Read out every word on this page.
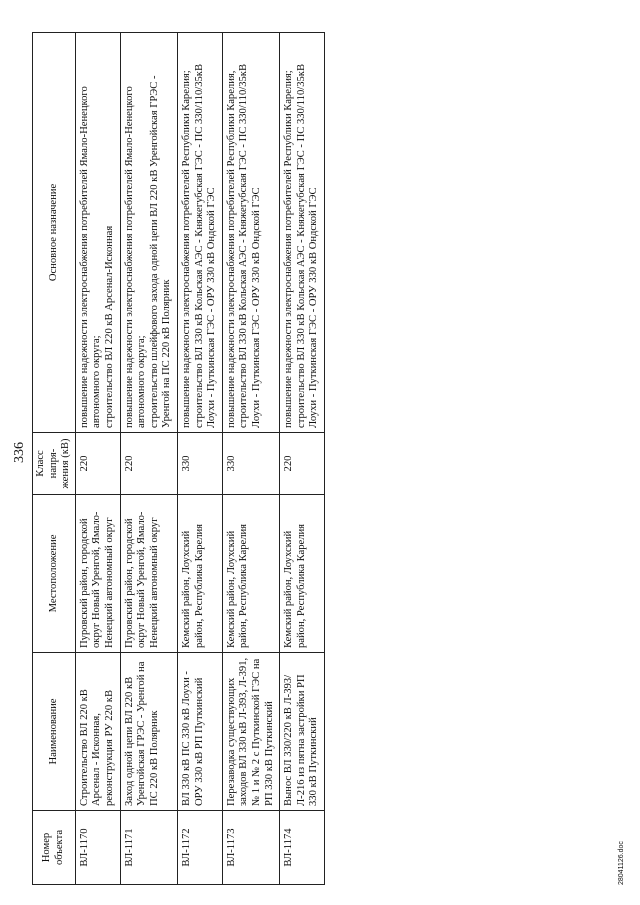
336
Номер объекта	Наименование	Местоположение	Класс напря-жения (кВ)	Основное назначение
ВЛ-1170	Строительство ВЛ 220 кВ Арсенал - Исконная, реконструкция РУ 220 кВ	Пуровский район, городской округ Новый Уренгой, Ямало-Ненецкий автономный округ	220	повышение надежности электроснабжения потребителей Ямало-Ненецкого автономного округа; строительство ВЛ 220 кВ Арсенал-Исконная

ВЛ-1171	Заход одной цепи ВЛ 220 кВ Уренгойская ГРЭС - Уренгой на ПС 220 кВ Полярник	Пуровский район, городской округ Новый Уренгой, Ямало-Ненецкий автономный округ	220	повышение надежности электроснабжения потребителей Ямало-Ненецкого автономного округа; строительство шлейфового захода одной цепи ВЛ 220 кВ Уренгойская ГРЭС - Уренгой на ПС 220 кВ Полярник

ВЛ-1172	ВЛ 330 кВ ПС 330 кВ Лоухи - ОРУ 330 кВ РП Путкинский	Кемский район, Лоухский район, Республика Карелия	330	повышение надежности электроснабжения потребителей Республики Карелия; строительство ВЛ 330 кВ Кольская АЭС - Княжегубская ГЭС - ПС 330/110/35кВ Лоухи - Путкинская ГЭС - ОРУ 330 кВ Ондской ГЭС

ВЛ-1173	Перезаводка существующих заходов ВЛ 330 кВ Л-393, Л-391, № 1 и № 2 с Путкинской ГЭС на РП 330 кВ Путкинский	Кемский район, Лоухский район, Республика Карелия	330	повышение надежности электроснабжения потребителей Республики Карелия, строительство ВЛ 330 кВ Кольская АЭС - Княжегубская ГЭС - ПС 330/110/35кВ Лоухи - Путкинская ГЭС - ОРУ 330 кВ Ондской ГЭС

ВЛ-1174	Вынос ВЛ 330/220 кВ Л-393/Л-216 из пятна застройки РП 330 кВ Путкинский	Кемский район, Лоухский район, Республика Карелия	220	повышение надежности электроснабжения потребителей Республики Карелия; строительство ВЛ 330 кВ Кольская АЭС - Княжегубская ГЭС - ПС 330/110/35кВ Лоухи - Путкинская ГЭС - ОРУ 330 кВ Ондской ГЭС
28041126.doc
